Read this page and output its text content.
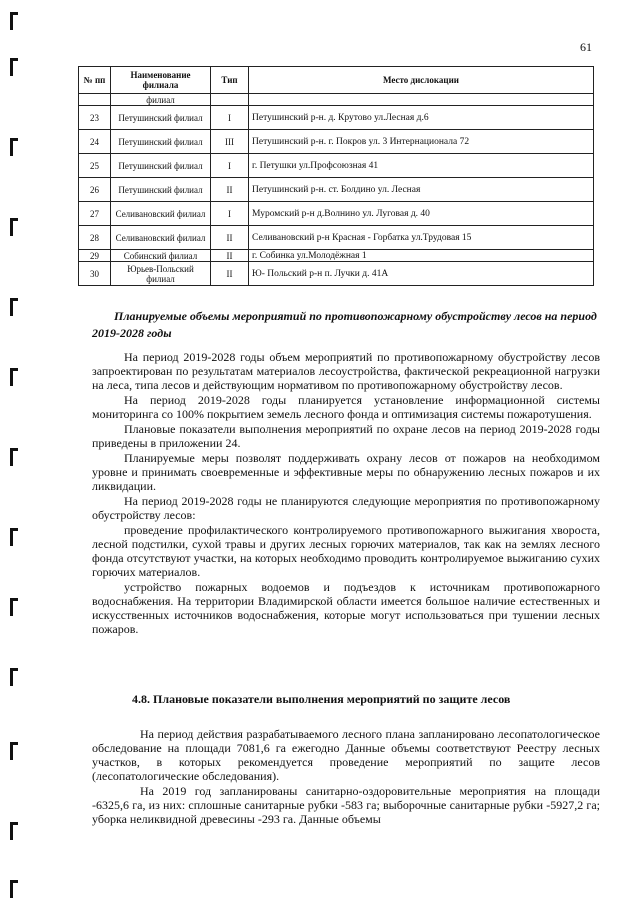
61
№ пп	Наименование филиала	Тип	Место дислокации
	филиал		
23	Петушинский филиал	I	Петушинский р-н. д. Крутово ул.Лесная д.6
24	Петушинский филиал	III	Петушинский р-н. г. Покров ул. 3 Интернационала 72
25	Петушинский филиал	I	г. Петушки ул.Профсоюзная 41
26	Петушинский филиал	II	Петушинский р-н. ст. Болдино ул. Лесная
27	Селивановский филиал	I	Муромский р-н д.Волнино ул. Луговая д. 40
28	Селивановский филиал	II	Селивановский р-н Красная - Горбатка ул.Трудовая 15
29	Собинский филиал	II	г. Собинка ул.Молодёжная 1
30	Юрьев-Польский филиал	II	Ю- Польский р-н п. Лучки д. 41А
Планируемые объемы мероприятий по противопожарному обустройству лесов на период 2019-2028 годы

На период 2019-2028 годы объем мероприятий по противопожарному обустройству лесов запроектирован по результатам материалов лесоустройства, фактической рекреационной нагрузки на леса, типа лесов и действующим нормативом по противопожарному обустройству лесов.

На период 2019-2028 годы планируется установление информационной системы мониторинга со 100% покрытием земель лесного фонда и оптимизация системы пожаротушения.

Плановые показатели выполнения мероприятий по охране лесов на период 2019-2028 годы приведены в приложении 24.

Планируемые меры позволят поддерживать охрану лесов от пожаров на необходимом уровне и принимать своевременные и эффективные меры по обнаружению лесных пожаров и их ликвидации.

На период 2019-2028 годы не планируются следующие мероприятия по противопожарному обустройству лесов:

проведение профилактического контролируемого противопожарного выжигания хвороста, лесной подстилки, сухой травы и других лесных горючих материалов, так как на землях лесного фонда отсутствуют участки, на которых необходимо проводить контролируемое выжиганию сухих горючих материалов.

устройство пожарных водоемов и подъездов к источникам противопожарного водоснабжения. На территории Владимирской области имеется большое наличие естественных и искусственных источников водоснабжения, которые могут использоваться при тушении лесных пожаров.

4.8. Плановые показатели выполнения мероприятий по защите лесов

На период действия разрабатываемого лесного плана запланировано лесопатологическое обследование на площади 7081,6 га ежегодно Данные объемы соответствуют Реестру лесных участков, в которых рекомендуется проведение мероприятий по защите лесов (лесопатологические обследования).

На 2019 год запланированы санитарно-оздоровительные мероприятия на площади -6325,6 га, из них: сплошные санитарные рубки -583 га; выборочные санитарные рубки -5927,2 га; уборка неликвидной древесины -293 га. Данные объемы
